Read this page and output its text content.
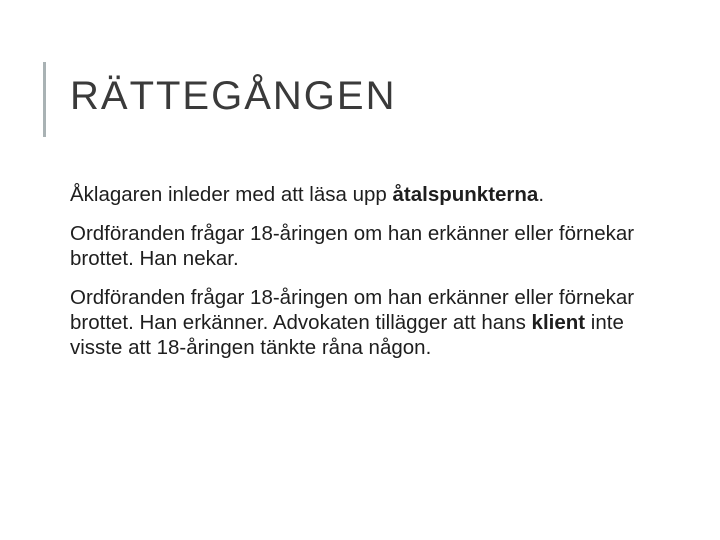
RÄTTEGÅNGEN

Åklagaren inleder med att läsa upp åtalspunkterna.

Ordföranden frågar 18-åringen om han erkänner eller förnekar brottet. Han nekar.

Ordföranden frågar 18-åringen om han erkänner eller förnekar brottet. Han erkänner. Advokaten tillägger att hans klient inte visste att 18-åringen tänkte råna någon.
